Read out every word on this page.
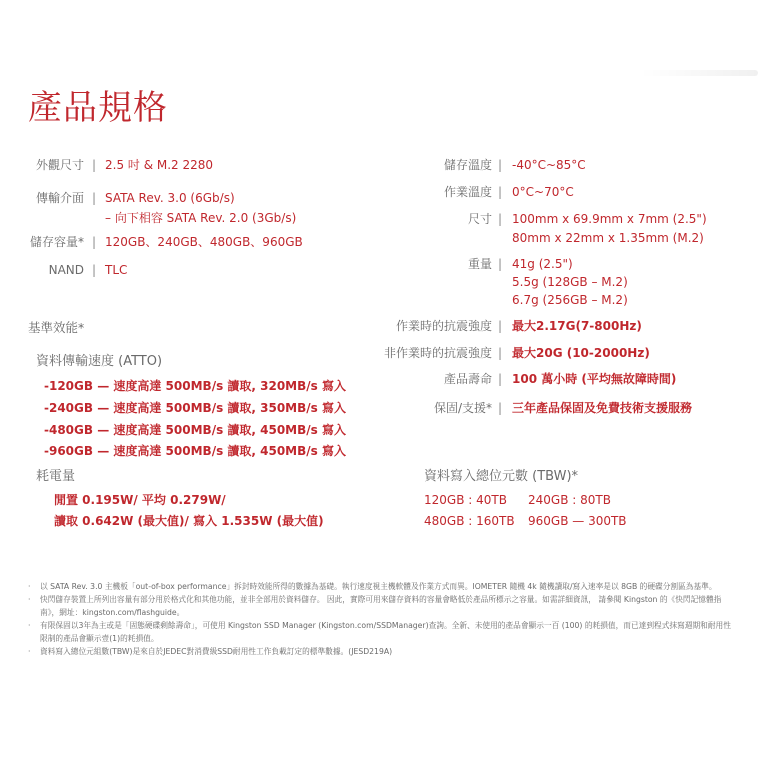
產品規格
外觀尺寸 | 2.5 吋 & M.2 2280
傳輸介面 | SATA Rev. 3.0 (6Gb/s)
– 向下相容 SATA Rev. 2.0 (3Gb/s)
儲存容量* | 120GB、240GB、480GB、960GB
NAND | TLC
儲存溫度 | -40°C~85°C
作業溫度 | 0°C~70°C
尺寸 | 100mm x 69.9mm x 7mm (2.5")
80mm x 22mm x 1.35mm (M.2)
重量 | 41g (2.5")
5.5g (128GB – M.2)
6.7g (256GB – M.2)
作業時的抗震強度 | 最大2.17G(7-800Hz)
非作業時的抗震強度 | 最大20G (10-2000Hz)
產品壽命 | 100 萬小時 (平均無故障時間)
保固/支援* | 三年產品保固及免費技術支援服務
基準效能*
資料傳輸速度 (ATTO)
-120GB — 速度高達 500MB/s 讀取, 320MB/s 寫入
-240GB — 速度高達 500MB/s 讀取, 350MB/s 寫入
-480GB — 速度高達 500MB/s 讀取, 450MB/s 寫入
-960GB — 速度高達 500MB/s 讀取, 450MB/s 寫入
耗電量
閒置 0.195W/ 平均 0.279W/
讀取 0.642W (最大值)/ 寫入 1.535W (最大值)
資料寫入總位元數 (TBW)*
120GB : 40TB 240GB : 80TB
480GB : 160TB 960GB — 300TB
·	以 SATA Rev. 3.0 主機板「out-of-box performance」拆封時效能所得的數據為基礎。執行速度視主機軟體及作業方式而異。IOMETER 隨機 4k 隨機讀取/寫入速率是以 8GB 的硬碟分割區為基準。
·	快閃儲存裝置上所列出容量有部分用於格式化和其他功能，並非全部用於資料儲存。 因此，實際可用來儲存資料的容量會略低於產品所標示之容量。如需詳細資訊， 請參閱 Kingston 的《快閃記憶體指南》，網址：kingston.com/flashguide。
·	有限保固以3年為主或是「固態硬碟剩餘壽命」，可使用 Kingston SSD Manager (Kingston.com/SSDManager)查詢。全新、未使用的產品會顯示一百 (100) 的耗損值，而已達到程式抹寫週期和耐用性限制的產品會顯示壹(1)的耗損值。
·	資料寫入總位元組數(TBW)是來自於JEDEC對消費級SSD耐用性工作負載訂定的標準數據。(JESD219A)
